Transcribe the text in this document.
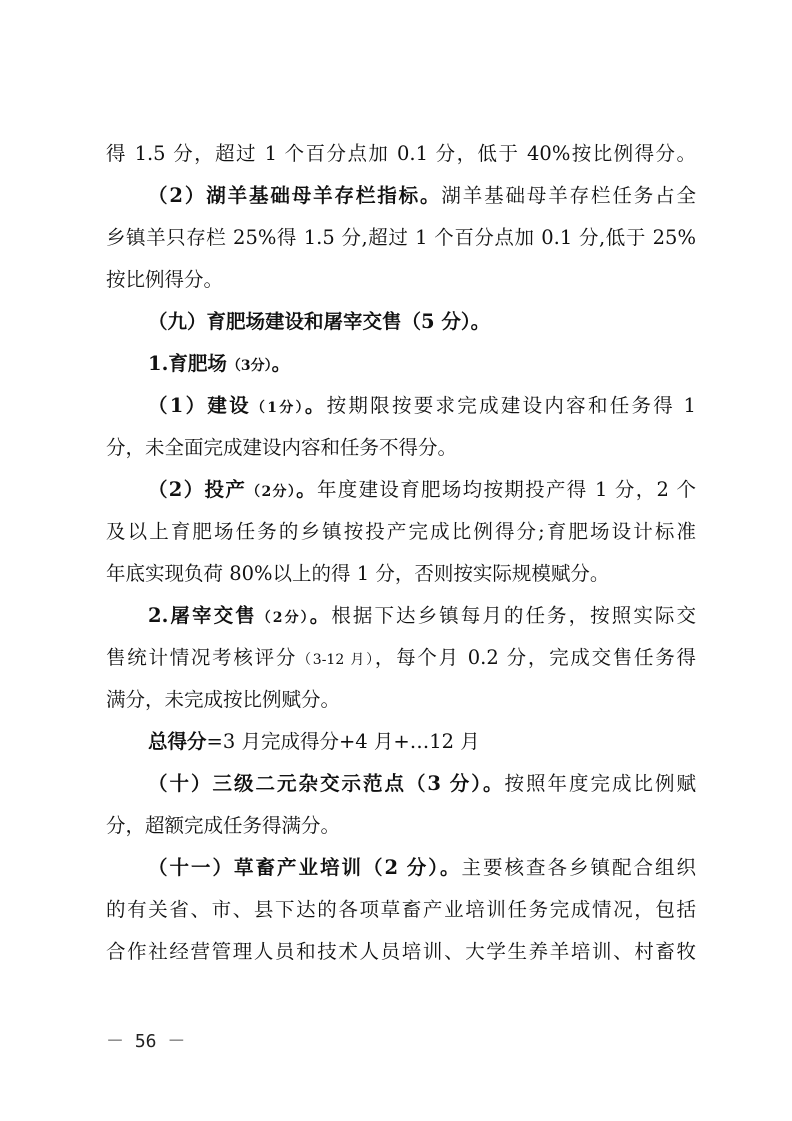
得 1.5 分，超过 1 个百分点加 0.1 分，低于 40%按比例得分。
（2）湖羊基础母羊存栏指标。湖羊基础母羊存栏任务占全
乡镇羊只存栏 25%得 1.5 分,超过 1 个百分点加 0.1 分,低于 25%
按比例得分。
（九）育肥场建设和屠宰交售（5 分）。
1.育肥场（3分）。
（1）建设（1分）。按期限按要求完成建设内容和任务得 1
分，未全面完成建设内容和任务不得分。
（2）投产（2分）。年度建设育肥场均按期投产得 1 分，2 个
及以上育肥场任务的乡镇按投产完成比例得分;育肥场设计标准
年底实现负荷 80%以上的得 1 分，否则按实际规模赋分。
2.屠宰交售（2分）。根据下达乡镇每月的任务，按照实际交
售统计情况考核评分（3-12 月），每个月 0.2 分，完成交售任务得
满分，未完成按比例赋分。
总得分=3 月完成得分+4 月+…12 月
（十）三级二元杂交示范点（3 分）。按照年度完成比例赋
分，超额完成任务得满分。
（十一）草畜产业培训（2 分）。主要核查各乡镇配合组织
的有关省、市、县下达的各项草畜产业培训任务完成情况，包括
合作社经营管理人员和技术人员培训、大学生养羊培训、村畜牧
－ 56 －
